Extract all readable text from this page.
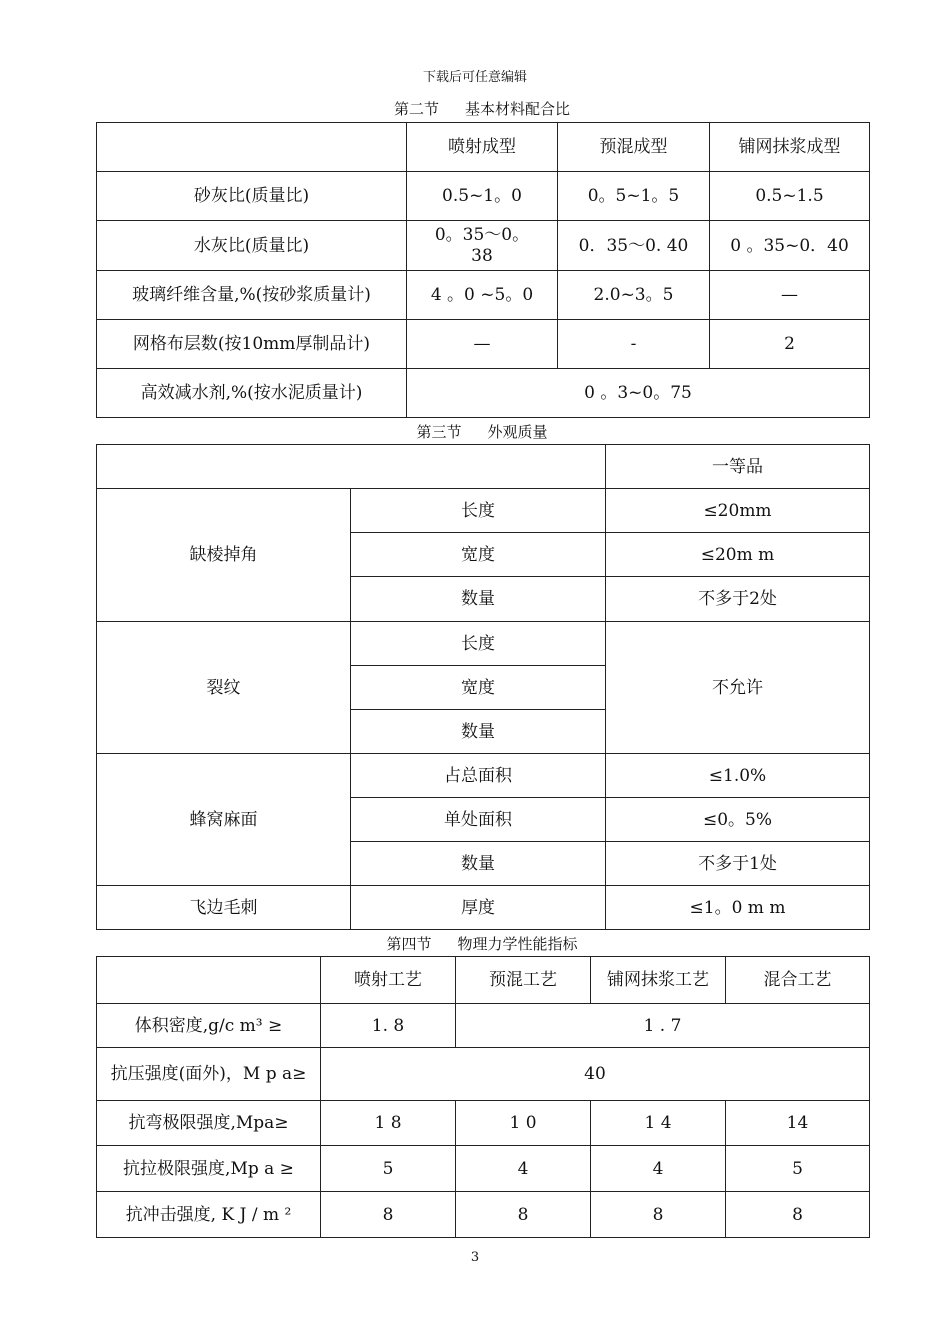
下载后可任意编辑
第二节 基本材料配合比
	喷射成型	预混成型	铺网抹浆成型
砂灰比(质量比)	0.5~1。0	0。5~1。5	0.5~1.5
水灰比(质量比)	0。35～0。38	0．35～0. 40	0 。35~0．40
玻璃纤维含量,%(按砂浆质量计)	4 。0 ~5。0	2.0~3。5	—
网格布层数(按10mm厚制品计)	—	-	2
高效减水剂,%(按水泥质量计)	0 。3~0。75		
第三节 外观质量
		一等品
缺棱掉角	长度	≤20mm
	宽度	≤20m m
	数量	不多于2处
裂纹	长度	不允许
	宽度	
	数量	
蜂窝麻面	占总面积	≤1.0%
	单处面积	≤0。5%
	数量	不多于1处
飞边毛刺	厚度	≤1。0 m m
第四节 物理力学性能指标
	喷射工艺	预混工艺	铺网抹浆工艺	混合工艺
体积密度,g/c m³ ≥	1. 8	1 . 7		
抗压强度(面外)，M p a≥	40			
抗弯极限强度,Mpa≥	1 8	1 0	1 4	14
抗拉极限强度,Mp a ≥	5	4	4	5
抗冲击强度, K J / m ²	8	8	8	8
3
